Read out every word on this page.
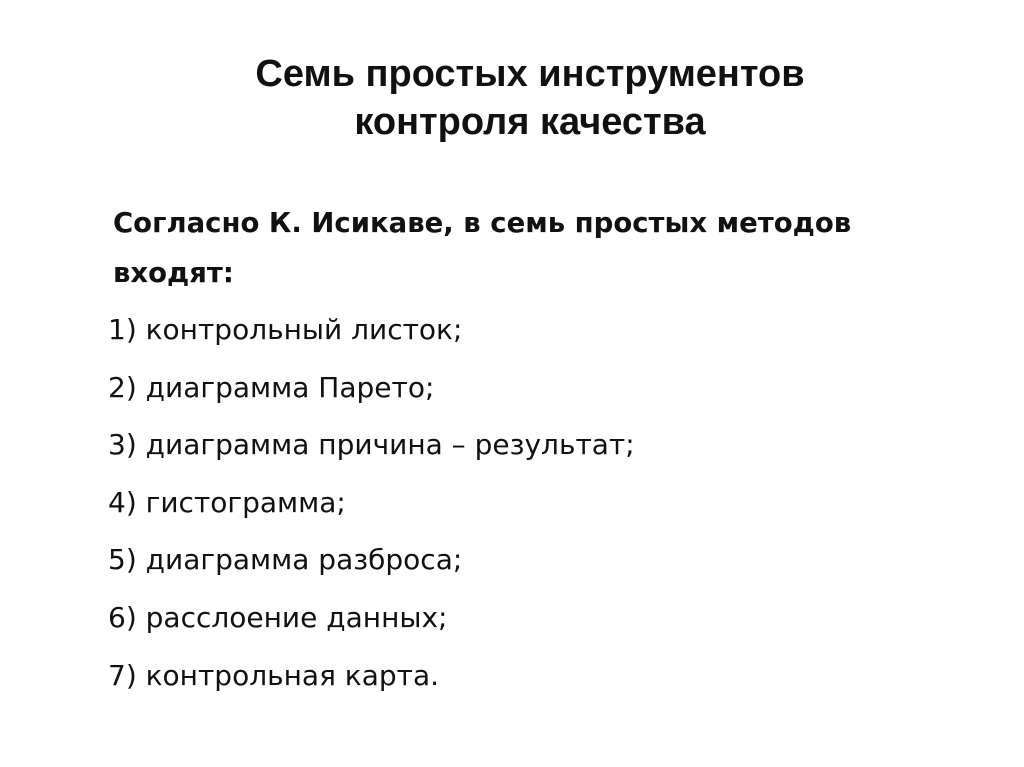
Семь простых инструментов
контроля качества
Согласно К. Исикаве, в семь простых методов
входят:
1) контрольный листок;
2) диаграмма Парето;
3) диаграмма причина – результат;
4) гистограмма;
5) диаграмма разброса;
6) расслоение данных;
7) контрольная карта.
